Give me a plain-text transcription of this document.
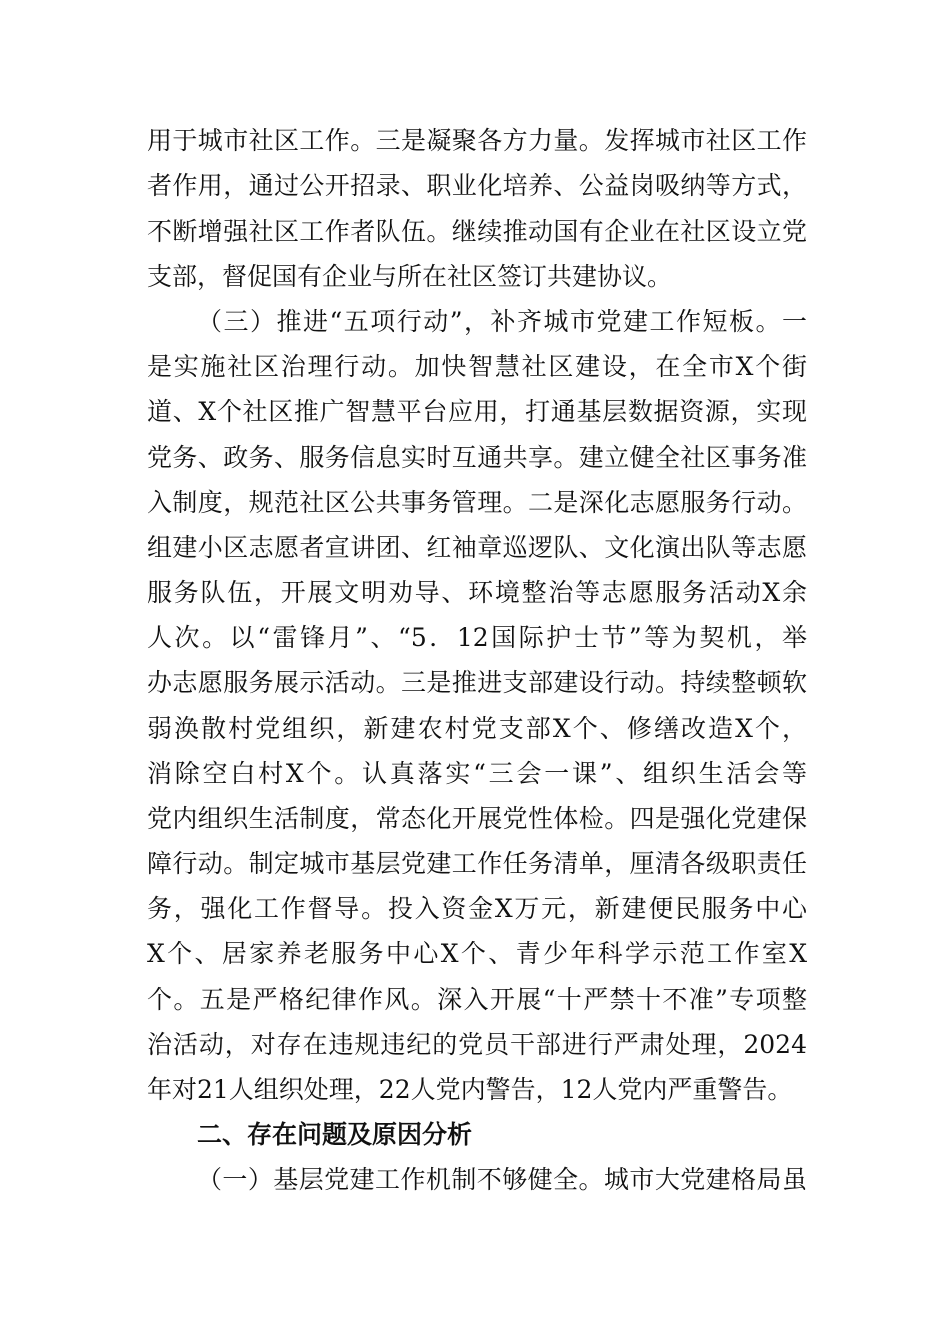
用于城市社区工作。三是凝聚各方力量。发挥城市社区工作
者作用，通过公开招录、职业化培养、公益岗吸纳等方式，
不断增强社区工作者队伍。继续推动国有企业在社区设立党
支部，督促国有企业与所在社区签订共建协议。
（三）推进“五项行动”，补齐城市党建工作短板。一
是实施社区治理行动。加快智慧社区建设，在全市X个街
道、X个社区推广智慧平台应用，打通基层数据资源，实现
党务、政务、服务信息实时互通共享。建立健全社区事务准
入制度，规范社区公共事务管理。二是深化志愿服务行动。
组建小区志愿者宣讲团、红袖章巡逻队、文化演出队等志愿
服务队伍，开展文明劝导、环境整治等志愿服务活动X余
人次。以“雷锋月”、“5．12国际护士节”等为契机，举
办志愿服务展示活动。三是推进支部建设行动。持续整顿软
弱涣散村党组织，新建农村党支部X个、修缮改造X个，
消除空白村X个。认真落实“三会一课”、组织生活会等
党内组织生活制度，常态化开展党性体检。四是强化党建保
障行动。制定城市基层党建工作任务清单，厘清各级职责任
务，强化工作督导。投入资金X万元，新建便民服务中心
X个、居家养老服务中心X个、青少年科学示范工作室X
个。五是严格纪律作风。深入开展“十严禁十不准”专项整
治活动，对存在违规违纪的党员干部进行严肃处理，2024
年对21人组织处理，22人党内警告，12人党内严重警告。
二、存在问题及原因分析
（一）基层党建工作机制不够健全。城市大党建格局虽
